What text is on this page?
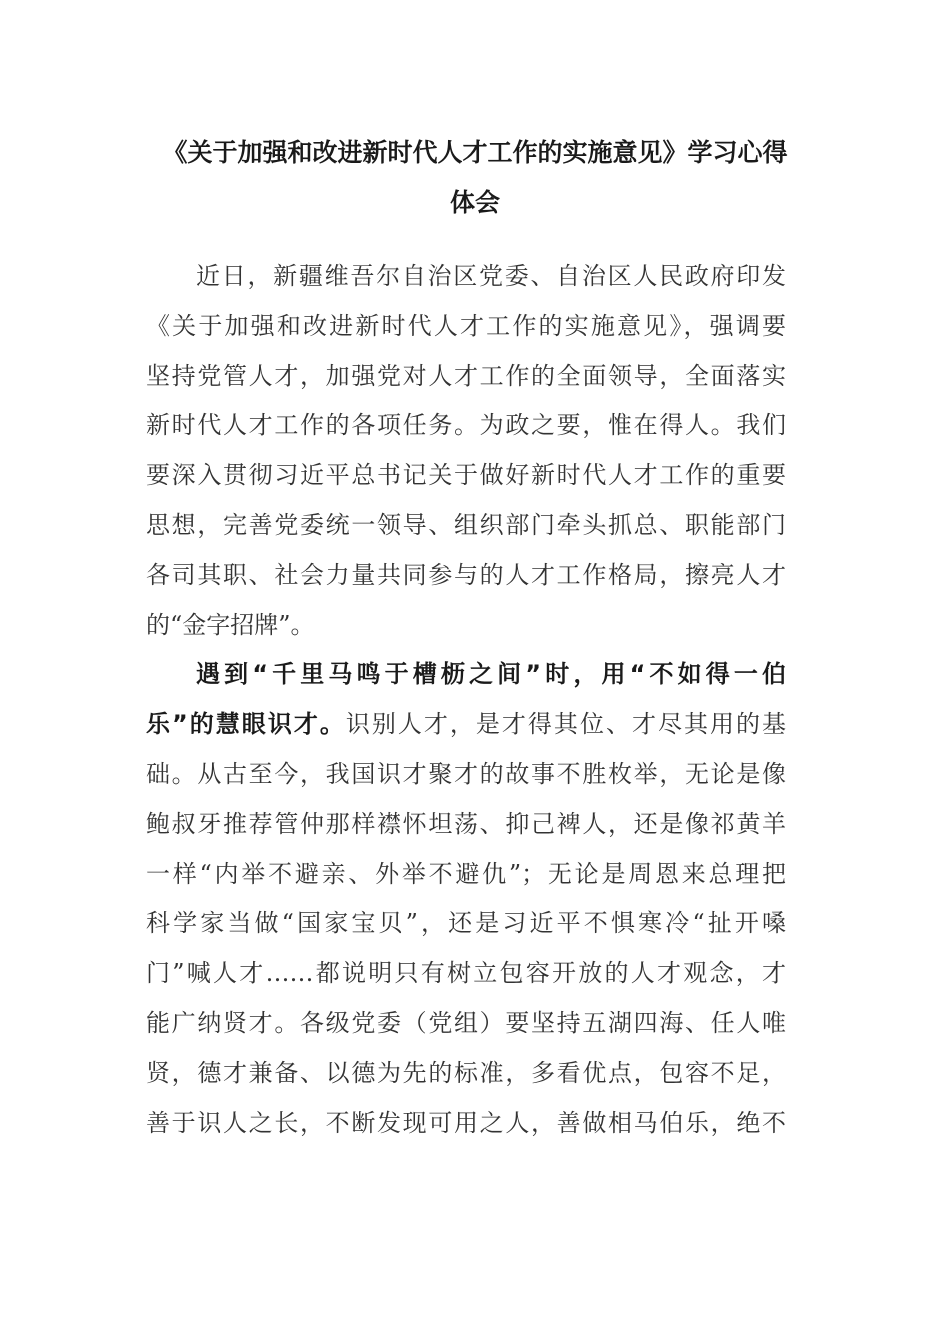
《关于加强和改进新时代人才工作的实施意见》学习心得
体会
近日，新疆维吾尔自治区党委、自治区人民政府印发
《关于加强和改进新时代人才工作的实施意见》，强调要
坚持党管人才，加强党对人才工作的全面领导，全面落实
新时代人才工作的各项任务。为政之要，惟在得人。我们
要深入贯彻习近平总书记关于做好新时代人才工作的重要
思想，完善党委统一领导、组织部门牵头抓总、职能部门
各司其职、社会力量共同参与的人才工作格局，擦亮人才
的“金字招牌”。
遇到“千里马鸣于槽枥之间”时，用“不如得一伯
乐”的慧眼识才。识别人才，是才得其位、才尽其用的基
础。从古至今，我国识才聚才的故事不胜枚举，无论是像
鲍叔牙推荐管仲那样襟怀坦荡、抑己裨人，还是像祁黄羊
一样“内举不避亲、外举不避仇”；无论是周恩来总理把
科学家当做“国家宝贝”，还是习近平不惧寒冷“扯开嗓
门”喊人才……都说明只有树立包容开放的人才观念，才
能广纳贤才。各级党委（党组）要坚持五湖四海、任人唯
贤，德才兼备、以德为先的标准，多看优点，包容不足，
善于识人之长，不断发现可用之人，善做相马伯乐，绝不
